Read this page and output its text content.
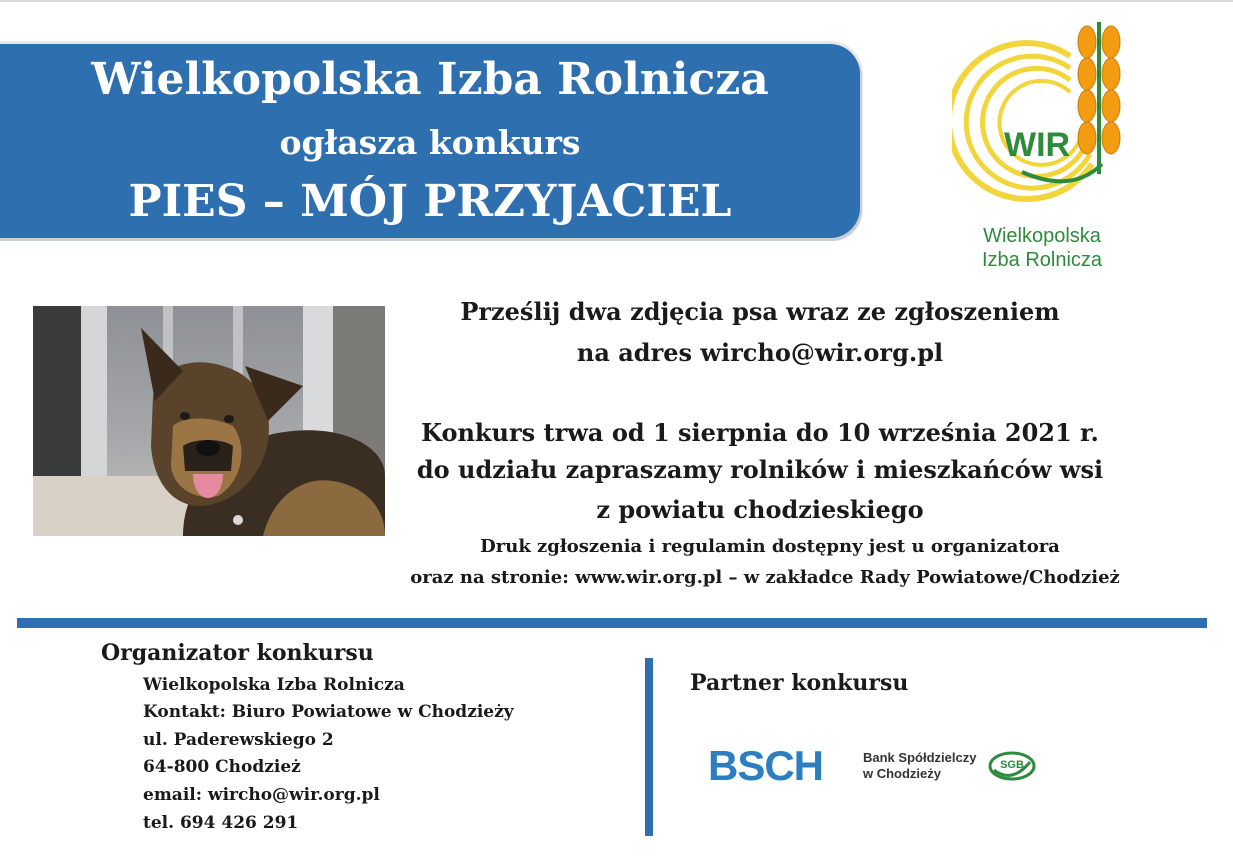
Wielkopolska Izba Rolnicza
ogłasza konkurs
PIES – MÓJ PRZYJACIEL
WIR
Wielkopolska
Izba Rolnicza
Prześlij dwa zdjęcia psa wraz ze zgłoszeniem
na adres wircho@wir.org.pl
Konkurs trwa od 1 sierpnia do 10 września 2021 r.
do udziału zapraszamy rolników i mieszkańców wsi
z powiatu chodzieskiego
Druk zgłoszenia i regulamin dostępny jest u organizatora
oraz na stronie: www.wir.org.pl – w zakładce Rady Powiatowe/Chodzież
Organizator konkursu
Wielkopolska Izba Rolnicza
Kontakt: Biuro Powiatowe w Chodzieży
ul. Paderewskiego 2
64-800 Chodzież
email: wircho@wir.org.pl
tel. 694 426 291
Partner konkursu
BSCH	Bank Spółdzielczy
w Chodzieży
SGB
